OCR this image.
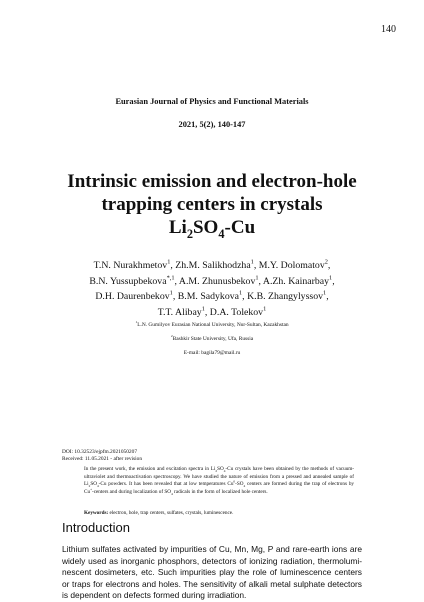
140
Eurasian Journal of Physics and Functional Materials
2021, 5(2), 140-147
Intrinsic emission and electron-hole
trapping centers in crystals
$Li_2SO_4-Cu$
T.N. Nurakhmetov$^1$, Zh.M. Salikhodzha$^1$, M.Y. Dolomatov$^2$,
B.N. Yussupbekova$^{*,1}$, A.M. Zhunusbekov$^1$, A.Zh. Kainarbay$^1$,
D.H. Daurenbekov$^1$, B.M. Sadykova$^1$, K.B. Zhangylyssov$^1$,
T.T. Alibay$^1$, D.A. Tolekov$^1$
$^1$L.N. Gumilyov Eurasian National University, Nur-Sultan, Kazakhstan
$^2$Bashkir State University, Ufa, Russia
E-mail: bagila79@mail.ru
DOI: 10.32523/ejpfm.2021050207
Received: 11.05.2021 - after revision
In the present work, the emission and excitation spectra in $Li_2SO_4-Cu$ crystals have been obtained by the methods of vacuum-ultraviolet and thermoactivation spectroscopy. We have studied the nature of emission from a pressed and annealed sample of $Li_2SO_4-Cu$ powders. It has been revealed that at low temperatures $Cu^0-SO_4$ centers are formed during the trap of electrons by Cu+-centers and during localization of $SO_4$ radicals in the form of localized hole centers.
Keywords: electron, hole, trap centers, sulfates, crystals, luminescence.
Introduction
Lithium sulfates activated by impurities of Cu, Mn, Mg, P and rare-earth ions are widely used as inorganic phosphors, detectors of ionizing radiation, thermolumi-nescent dosimeters, etc. Such impurities play the role of luminescence centers or traps for electrons and holes. The sensitivity of alkali metal sulphate detectors is dependent on defects formed during irradiation.
